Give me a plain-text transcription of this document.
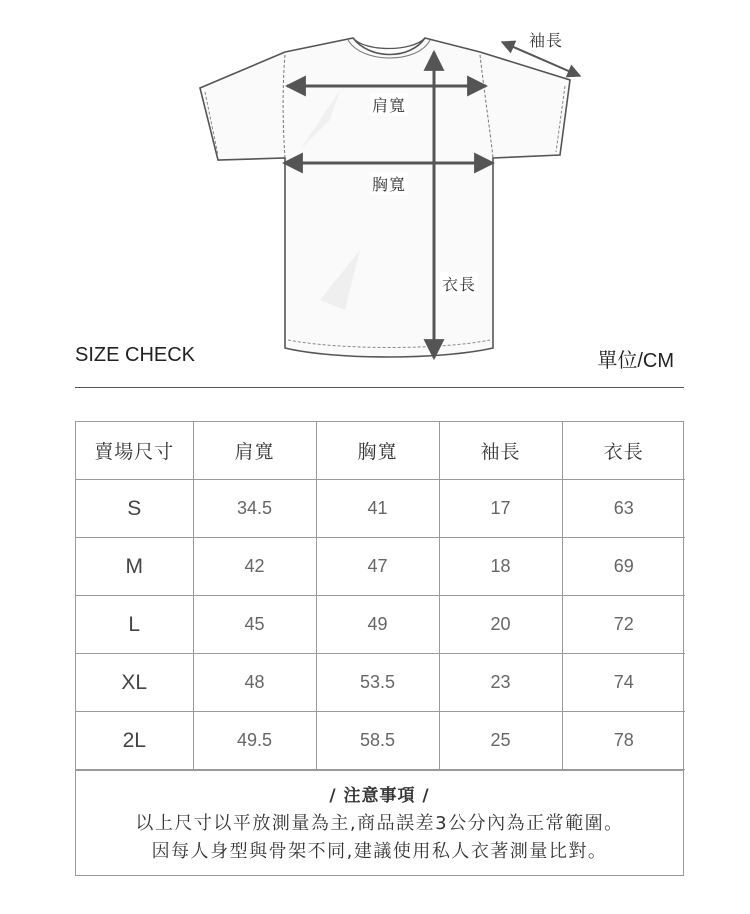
肩寬
胸寬
衣長
袖長
SIZE CHECK	單位/CM
賣場尺寸	肩寬	胸寬	袖長	衣長
S	34.5	41	17	63
M	42	47	18	69
L	45	49	20	72
XL	48	53.5	23	74
2L	49.5	58.5	25	78
/ 注意事項 /
以上尺寸以平放測量為主,商品誤差3公分內為正常範圍。
因每人身型與骨架不同,建議使用私人衣著測量比對。
